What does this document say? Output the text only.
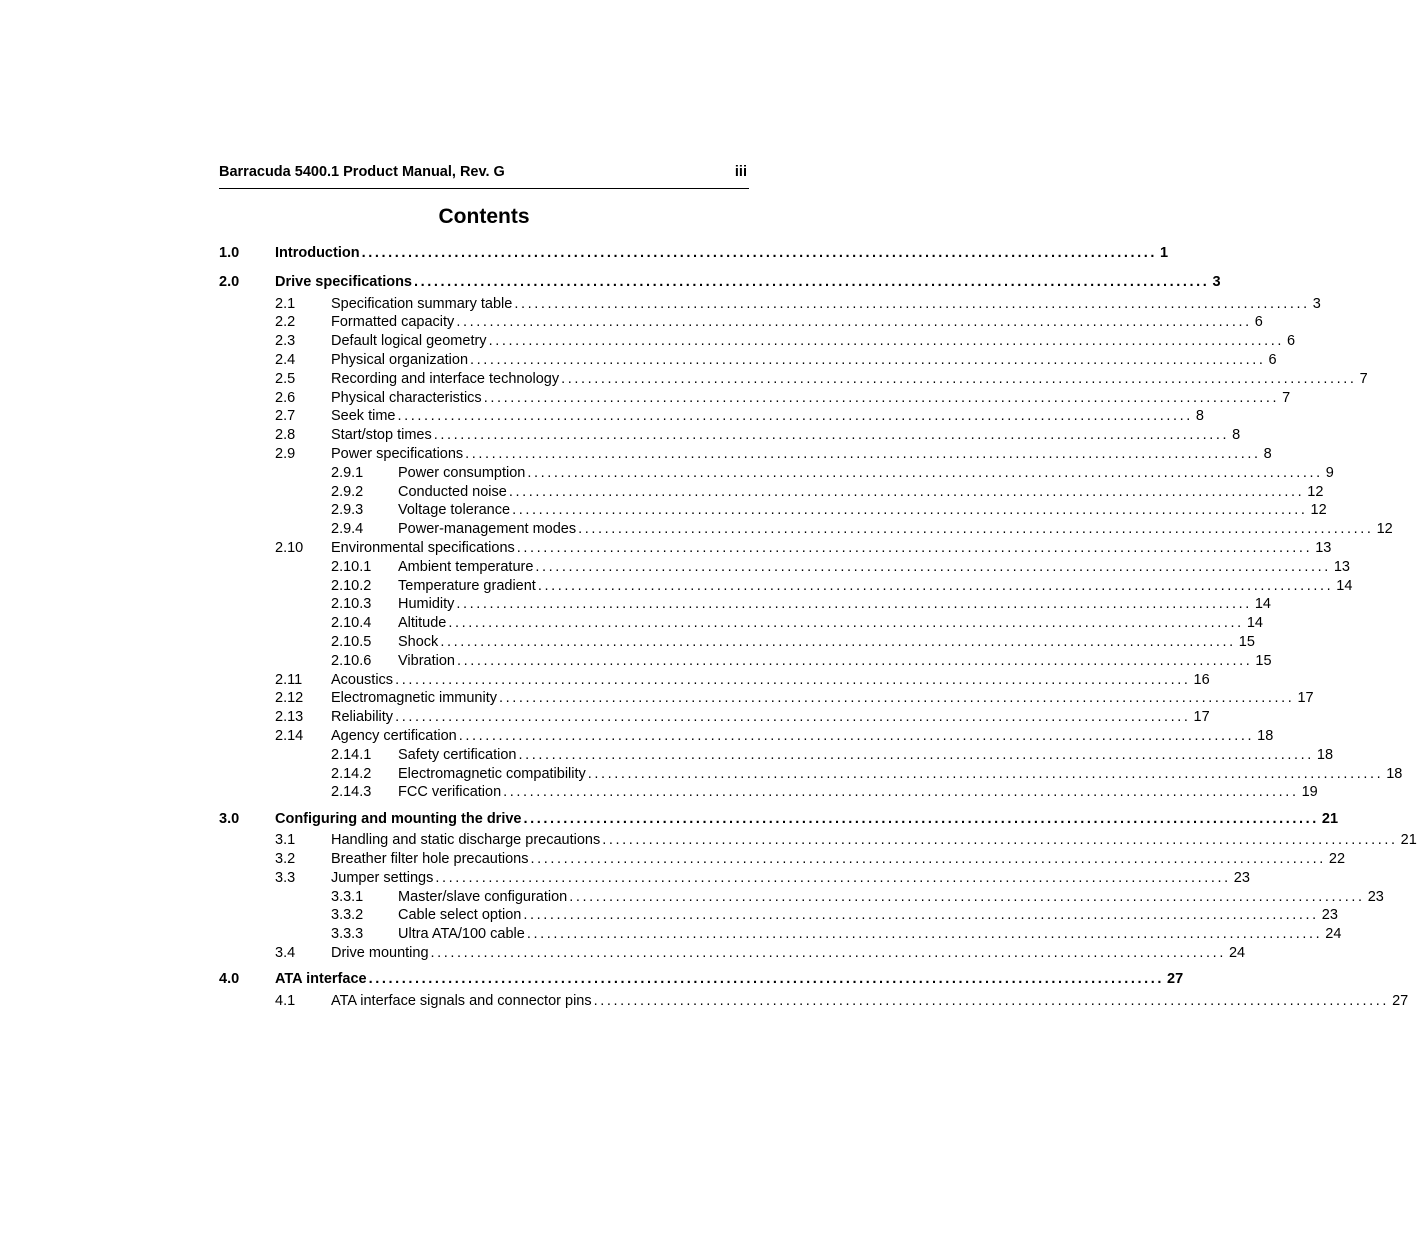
Barracuda 5400.1 Product Manual, Rev. G	iii
Contents
1.0 Introduction ........................................................................................................................ 1
2.0 Drive specifications ........................................................................................................................ 3
2.1 Specification summary table ........................................................................................................................ 3
2.2 Formatted capacity ........................................................................................................................ 6
2.3 Default logical geometry ........................................................................................................................ 6
2.4 Physical organization ........................................................................................................................ 6
2.5 Recording and interface technology ........................................................................................................................ 7
2.6 Physical characteristics ........................................................................................................................ 7
2.7 Seek time ........................................................................................................................ 8
2.8 Start/stop times ........................................................................................................................ 8
2.9 Power specifications ........................................................................................................................ 8
2.9.1 Power consumption ........................................................................................................................ 9
2.9.2 Conducted noise ........................................................................................................................ 12
2.9.3 Voltage tolerance ........................................................................................................................ 12
2.9.4 Power-management modes ........................................................................................................................ 12
2.10 Environmental specifications ........................................................................................................................ 13
2.10.1 Ambient temperature ........................................................................................................................ 13
2.10.2 Temperature gradient ........................................................................................................................ 14
2.10.3 Humidity ........................................................................................................................ 14
2.10.4 Altitude ........................................................................................................................ 14
2.10.5 Shock ........................................................................................................................ 15
2.10.6 Vibration ........................................................................................................................ 15
2.11 Acoustics ........................................................................................................................ 16
2.12 Electromagnetic immunity ........................................................................................................................ 17
2.13 Reliability ........................................................................................................................ 17
2.14 Agency certification ........................................................................................................................ 18
2.14.1 Safety certification ........................................................................................................................ 18
2.14.2 Electromagnetic compatibility ........................................................................................................................ 18
2.14.3 FCC verification ........................................................................................................................ 19
3.0 Configuring and mounting the drive ........................................................................................................................ 21
3.1 Handling and static discharge precautions ........................................................................................................................ 21
3.2 Breather filter hole precautions ........................................................................................................................ 22
3.3 Jumper settings ........................................................................................................................ 23
3.3.1 Master/slave configuration ........................................................................................................................ 23
3.3.2 Cable select option ........................................................................................................................ 23
3.3.3 Ultra ATA/100 cable ........................................................................................................................ 24
3.4 Drive mounting ........................................................................................................................ 24
4.0 ATA interface ........................................................................................................................ 27
4.1 ATA interface signals and connector pins ........................................................................................................................ 27
